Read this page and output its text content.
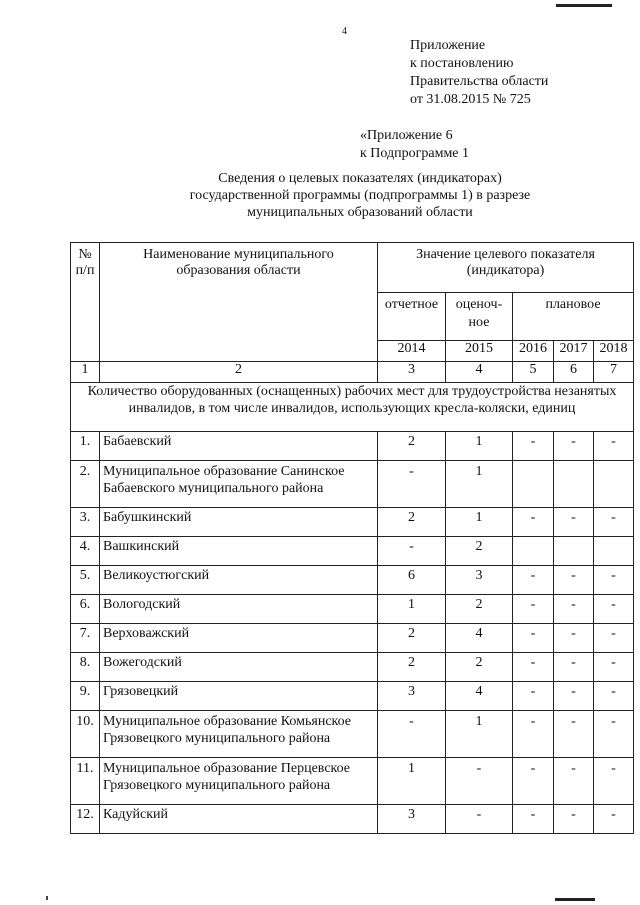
4
Приложение
к постановлению
Правительства области
от 31.08.2015 № 725
«Приложение 6
к Подпрограмме 1
Сведения о целевых показателях (индикаторах)
государственной программы (подпрограммы 1) в разрезе
муниципальных образований области
№ п/п	Наименование муниципального образования области	Значение целевого показателя (индикатора)				
		отчетное	оценоч-ное	плановое		
		2014	2015	2016	2017	2018
1	2	3	4	5	6	7
Количество оборудованных (оснащенных) рабочих мест для трудоустройства незанятых инвалидов, в том числе инвалидов, использующих кресла-коляски, единиц						
1.	Бабаевский	2	1	-	-	-
2.	Муниципальное образование Санинское Бабаевского муниципального района	-	1			
3.	Бабушкинский	2	1	-	-	-
4.	Вашкинский	-	2			
5.	Великоустюгский	6	3	-	-	-
6.	Вологодский	1	2	-	-	-
7.	Верховажский	2	4	-	-	-
8.	Вожегодский	2	2	-	-	-
9.	Грязовецкий	3	4	-	-	-
10.	Муниципальное образование Комьянское Грязовецкого муниципального района	-	1	-	-	-
11.	Муниципальное образование Перцевское Грязовецкого муниципального района	1	-	-	-	-
12.	Кадуйский	3	-	-	-	-
